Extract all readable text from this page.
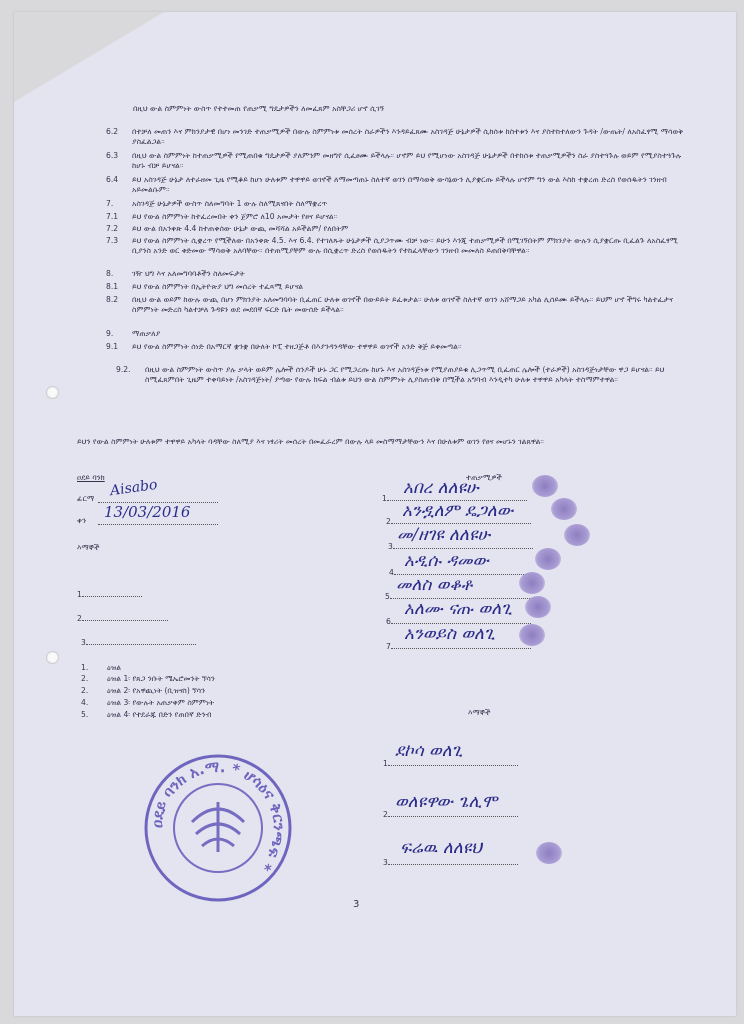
በዚህ ውል ስምምነት ውስጥ የተተመጠ የጠቃሚ ግዴታዎችን ለመፈጸም አስቸጋሪ ሆኖ ሲገኝ
6.2 በተቻለ መጠን እና ምክንያታዊ በሆነ መንገድ ተጠቃሚዎች በውሉ ስምምነቱ መሰረት ስራዎችን እንዳይፈጸሙ አስገዳጅ ሁኔታዎች ሲከሰቱ ከስተቱን እና ያስተከተለውን ጉዳት /ውጤት/ ለአስፈፃሚ ማሳወቅ ያስፈልጋል።
6.3 በዚህ ውል ስምምነት ከተጠቃሚዎች የሚጠበቁ ግዴታዎች ያለምንም መዘግየ ሲፈፀሙ ይችላሉ። ሆኖም ይህ የሚሆነው አስገዳጅ ሁኔታዎች በተከሰቱ ተጠቃሚዎችን ስራ ያስተጓጉሉ ወይም የሚያስተጓጉሉ ከሆኑ ብቻ ይሆናል።
6.4 ይህ አስገዳጅ ሁኔታ ለተራዘመ ጊዜ የሚቆይ ከሆነ ሁለቱም ተዋዋይ ወገኖች ለማመጣጠኑ ስለተኛ ወገን በማሳወቅ ውሳኔውን ሊያቋርጡ ይችላሉ ሆኖም ግን ውል እስከ ተቋረጠ ድረስ የወሰዱትን ገንዘብ አይመልሱም።
7. አስገዳጅ ሁኔታዎች ውስጥ ስለመግባት 1 ውሉ ስለሚጸናበት ስለማቋረጥ
7.1 ይህ የውል ስምምነት ከተፈረመበት ቀን ጀምሮ ለ10 አመታት የፀና ይሆናል።
7.2 ይህ ውል በአንቀጽ 4.4 ከተጠቀሰው ሁኔታ ውጪ መሻሻል አይችልም/ የለበትም
7.3 ይህ የውል ስምምነት ሲቋረጥ የሚችለው በአንቀጽ 4.5. እና 6.4. የተገለጹት ሁኔታዎች ሲያጋጥሙ ብቻ ነው። ይሁን እንጂ ተጠቃሚዎች በሚገኝበትም ምክንያት ውሉን ሲያቋርጡ ቢፈልጉ ለአስፈፃሚ ቢያንስ አንድ ወር ቀድመው ማሳወቅ አለባቸው። በተጠሚያቸም ውሉ በሲቋረጥ ድረስ የወሰዱትን የተከፈላቸውን ገንዘብ መመለስ ይጠበቅባቸዋል።
8. ገዥ ህግ እና አለመግባባቶችን ስለመፍታት
8.1 ይህ የውል ስምምነት በኢትዮጵያ ህግ መሰረት ተፈጻሚ ይሆናል
8.2 በዚህ ውል ወይም ከውሉ ውጪ በሆነ ምክንያት አለመግባባት ቢፈጠር ሁለቱ ወገኖች በውይይት ይፈቱታል። ሁለቱ ወገኖች ስለተኛ ወገን አሸማጋይ አካል ሊሰይሙ ይችላሉ። ይህም ሆኖ ችግሩ ካልተፈታና ስምምነት መድረስ ካልተቻለ ጉዳዩን ወደ መደበኛ ፍርድ ቤት መውሰድ ይችላል።
9. ማጠቃለያ
9.1 ይህ የውል ስምምነት ሰነድ በአማርኛ ቋንቋ በሁለት ኮፒ ተዘጋጅቶ በእያንዳንዳቸው ተዋዋይ ወገኖች አንድ ቅጅ ይቀመጣል።
9.2. በዚህ ውል ስምምነት ውስጥ ያሉ ቃላት ወይም ሌሎች ሰንዶች ሁኑ ጋር የሚጋረጡ ከሆኑ እና አስገዳጅነቱ የሚያጠያይቁ ሊጋጥሚ ቢፈጠር ሌሎች (ተራዎች) አስገዳጅነታቸው ዋጋ ይሆናል። ይህ ስሚፈጸምበት ጊዜም ተቀባይነት /አስገዳጅነት/ ያጣው የውሉ ክፍል ብልቱ ይህን ውል ስምምነት ሊያስጠብቅ በሚችል አግባብ እንዲተካ ሁለቱ ተዋዋይ አካላት ተስማምተዋል።
ይህን የውል ስምምነት ሁለቱም ተዋዋይ አካላት ባዳቸው ስለሚያ እና ነፃሪት መሰረት በመፈራረም በውሉ ላይ መስማማታቸውን እና በሁለቱም ወገን የፀና መሆኑን ገልጸዋል።
ዐደይ ባንክ
ፊርማ Aisabo
ቀን 13/03/2016
እማኞች
1
2
3
1. ዕዝል
2. ዕዝል 1፡ የጸጋ ንቡት ሜኤሮመንት ኘሳን
2. ዕዝል 2፡ የአዋጪነት (ቢዝናስ) ኘሳን
4. ዕዝል 3፡ የውሉት አጠቃቀም ስምምነት
5. ዕዝል 4፡ የተደራጁ በድን የጠበኛ ድንብ
ተጠቃሚዎች
1
አበረ ለለዩሁ
2
አንዷለም ዴጋለው
3
መ/ዘገዩ ለለዩሁ
4
አዲሱ ዳመው
5
መለስ ወቆቶ
6
አለሙ ናጡ ወለጊ
7
አንወይስ ወለጊ
እማኞች
1
ደኮሳ ወለጊ
2
ወለዩዋው ጌሊሞ
3
ፍሬዉ ለለዩህ
ዐደይ ባንክ አ.ማ. * ሆሳዕና ቅርንጫፍ *
3
